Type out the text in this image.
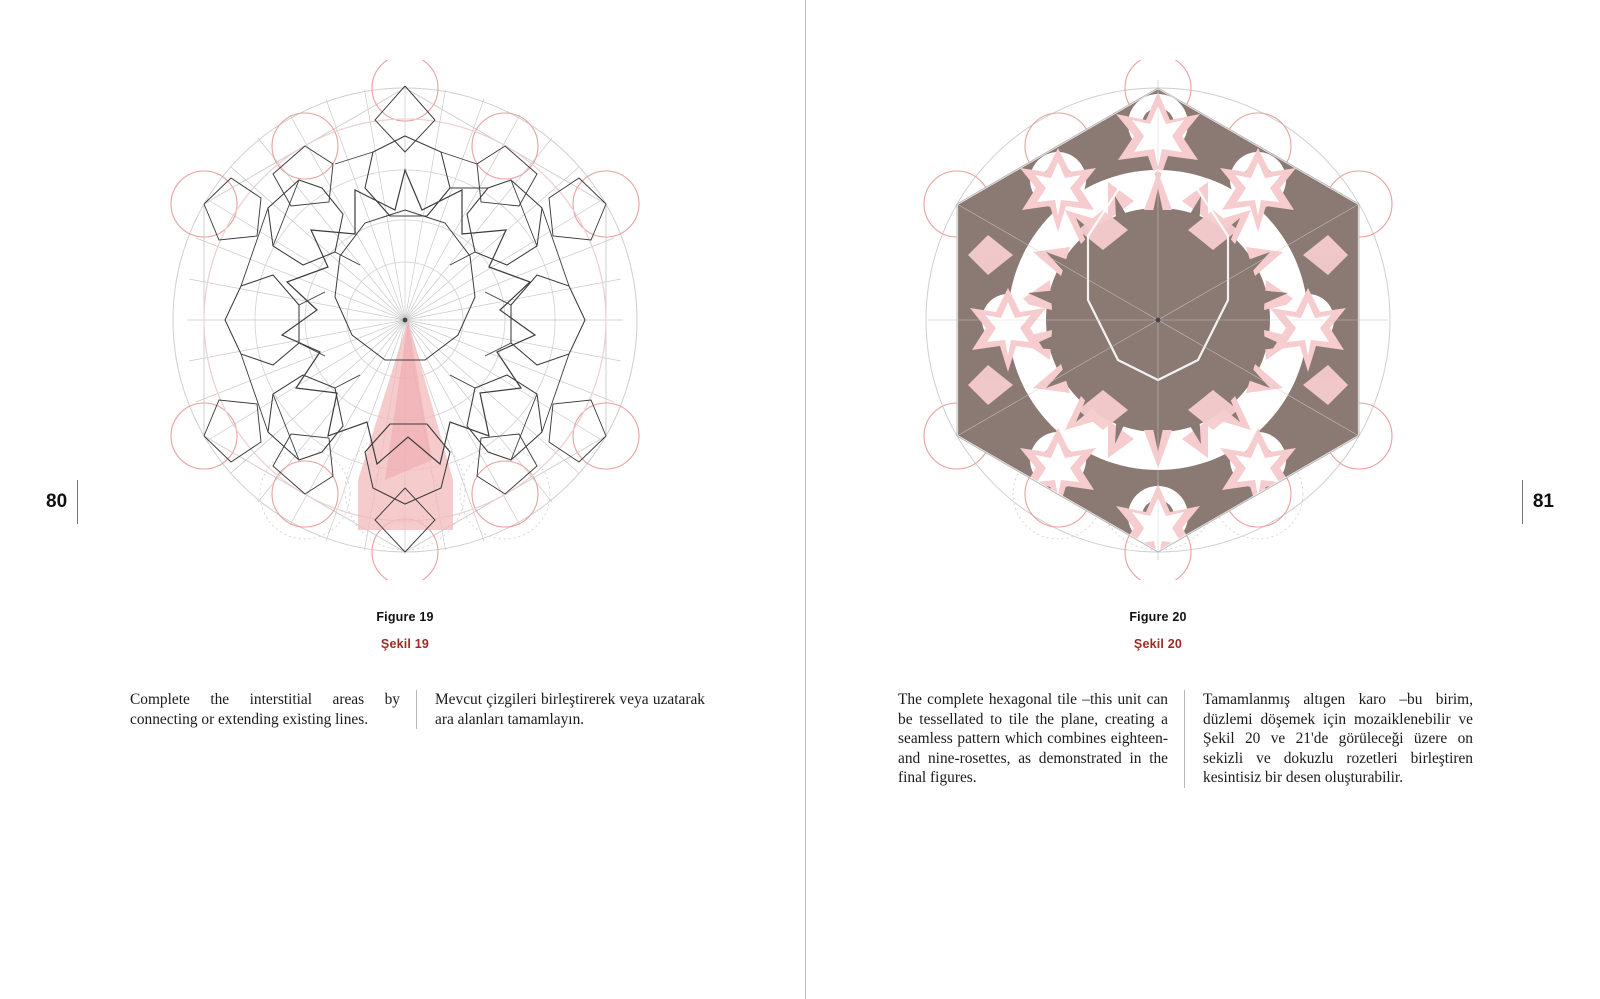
80
Figure 19
Şekil 19

Complete the interstitial areas by connecting or extending existing lines.

Mevcut çizgileri birleştirerek veya uzatarak ara alanları tamamlayın.

81
Figure 20
Şekil 20

The complete hexagonal tile –this unit can be tessellated to tile the plane, creating a seamless pattern which combines eighteen- and nine-rosettes, as demonstrated in the final figures.

Tamamlanmış altıgen karo –bu birim, düzlemi döşemek için mozaiklenebilir ve Şekil 20 ve 21'de görüleceği üzere on sekizli ve dokuzlu rozetleri birleştiren kesintisiz bir desen oluşturabilir.
